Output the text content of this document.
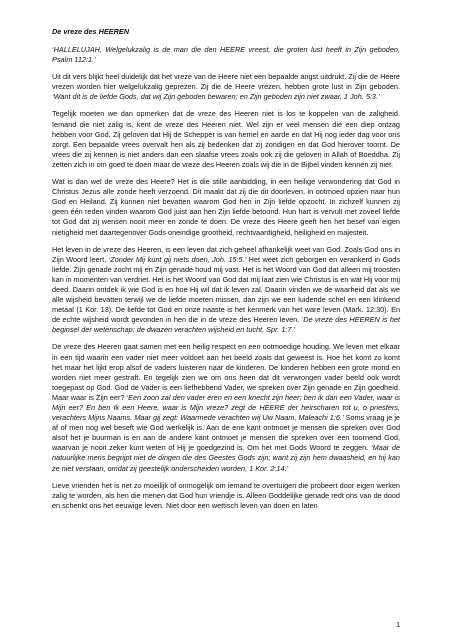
De vreze des HEEREN

‘HALLELUJAH, Welgelukzalig is de man die den HEERE vreest, die groten lust heeft in Zijn geboden, Psalm 112:1.’

Uit dit vers blijkt heel duidelijk dat het vreze van de Heere niet een bepaalde angst uitdrukt. Zij die de Heere vrezen worden hier welgelukzalig geprezen. Zij die de Heere vrezen, hebben grote lust in Zijn geboden. ‘Want dit is de liefde Gods, dat wij Zijn geboden bewaren; en Zijn geboden zijn niet zwaar, 1 Joh. 5:3.’

Tegelijk moeten we dan opmerken dat de vreze des Heeren niet is los te koppelen van de zaligheid. Iemand die niet zalig is, kent de vreze des Heeren niet. Wel zijn er veel mensen die een diep ontzag hebben voor God. Zij geloven dat Hij de Schepper is van hemel en aarde en dat Hij nog ieder dag voor ons zorgt. Een bepaalde vrees overvalt hen als zij bedenken dat zij zondigen en dat God hierover toornt. De vrees die zij kennen is niet anders dan een slaafse vrees zoals ook zij die geloven in Allah of Boeddha. Zij zetten zich in om goed te doen maar de vreze des Heeren zoals wij die in de Bijbel vinden kennen zij niet.

Wat is dan wel de vreze des Heere? Het is die stille aanbidding, in een heilige verwondering dat God in Christus Jezus alle zonde heeft verzoend. Dit maakt dat zij die dit doorleven, in ootmoed opzien naar hun God en Heiland. Zij kunnen niet bevatten waarom God hen in Zijn liefde opzocht. In zichzelf kunnen zij geen één reden vinden waarom God juist aan hen Zijn liefde betoond. Hun hart is vervult met zoveel liefde tot God dat zij wensen nooit meer en zonde te doen. De vreze des Heere geeft hen het besef van eigen nietigheid met daartegenover Gods oneindige grootheid, rechtvaardigheid, heiligheid en majesteit.

Het leven in de vreze des Heeren, is een leven dat zich geheel afhankelijk weet van God. Zoals God ons in Zijn Woord leert, ‘Zonder Mij kunt gij niets doen, Joh. 15:5.’ Het weet zich geborgen en verankerd in Gods liefde. Zijn genade zocht mij en Zijn genade houd mij vast. Het is het Woord van God dat alleen mij troosten kan in momenten van verdriet. Het is het Woord van God dat mij laat zien wie Christus is en wat Hij voor mij deed. Daarin ontdek ik wie God is en hoe Hij wil dat ik leven zal. Daarin vinden we de waarheid dat als we alle wijsheid bevatten terwijl we de liefde moeten missen, dan zijn we een luidende schel en een klinkend metaal (1 Kor. 13). De liefde tot God en onze naaste is het kenmerk van het ware leven (Mark. 12:30). En de echte wijsheid wordt gevonden in hen die in de vreze des Heeren leven. ‘De vreze des HEEREN is het beginsel der wetenschap; de dwazen verachten wijsheid en tucht, Spr. 1:7.’

De vreze des Heeren gaat samen met een heilig respect en een ootmoedige houding. We leven met elkaar in een tijd waarin een vader niet meer voldoet aan het beeld zoals dat geweest is. Hoe het komt zo komt het maar het lijkt erop alsof de vaders luisteren naar de kinderen. De kinderen hebben een grote mond en worden niet meer gestraft. En tegelijk zien we om ons heen dat dit verwrongen vader beeld ook wordt toegepast op God. God de Vader is een liefhebbend Vader, we spreken over Zijn genade en Zijn goedheid. Maar waar is Zijn eer? ‘Een zoon zal den vader eren en een knecht zijn heer; ben ik dan een Vader, waar is Mijn eer? En ben Ik een Heere, waar is Mijn vreze? zegt de HEERE der heirscharen tot u, o priesters, verachters Mijns Naams. Maar gij zegt: Waarmede verachten wij Uw Naam, Maleachi 1:6.’ Soms vraag je je af of men nog wel beseft wie God werkelijk is. Aan de ene kant ontmoet je mensen die spreken over God alsof het je buurman is en aan de andere kant ontmoet je mensen die spreken over een toornend God, waarvan je nooit zeker kunt weten of Hij je goedgezind is. Om het met Gods Woord te zeggen. ‘Maar de natuurlijke mens begrijpt niet de dingen die des Geestes Gods zijn; want zij zijn hem dwaasheid, en hij kan ze niet verstaan, omdat zij geestelijk onderscheiden worden, 1 Kor. 2:14.’

Lieve vrienden het is net zo moeilijk of onmogelijk om iemand te overtuigen die probeert door eigen werken zalig te worden, als hen die menen dat God hun vriendje is. Alleen Goddelijke genade redt ons van de dood en schenkt ons het eeuwige leven. Niet door een wettisch leven van doen en laten

1
